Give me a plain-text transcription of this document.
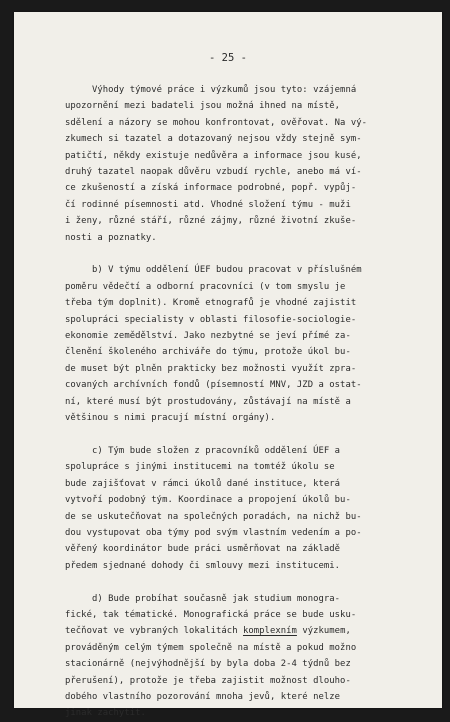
- 25 -
Výhody týmové práce i výzkumů jsou tyto: vzájemná
upozornění mezi badateli jsou možná ihned na místě,
sdělení a názory se mohou konfrontovat, ověřovat. Na vý-
zkumech si tazatel a dotazovaný nejsou vždy stejně sym-
patičtí, někdy existuje nedůvěra a informace jsou kusé,
druhý tazatel naopak důvěru vzbudí rychle, anebo má ví-
ce zkušeností a získá informace podrobné, popř. vypůj-
čí rodinné písemnosti atd. Vhodné složení týmu - muži
i ženy, různé stáří, různé zájmy, různé životní zkuše-
nosti a poznatky.
b) V týmu oddělení ÚEF budou pracovat v příslušném
poměru vědečtí a odborní pracovníci (v tom smyslu je
třeba tým doplnit). Kromě etnografů je vhodné zajistit
spolupráci specialisty v oblasti filosofie-sociologie-
ekonomie zemědělství. Jako nezbytné se jeví přímé za-
členění školeného archiváře do týmu, protože úkol bu-
de muset být plněn prakticky bez možnosti využít zpra-
covaných archívních fondů (písemností MNV, JZD a ostat-
ní, které musí být prostudovány, zůstávají na místě a
většinou s nimi pracují místní orgány).
c) Tým bude složen z pracovníků oddělení ÚEF a
spolupráce s jinými institucemi na tomtéž úkolu se
bude zajišťovat v rámci úkolů dané instituce, která
vytvoří podobný tým. Koordinace a propojení úkolů bu-
de se uskutečňovat na společných poradách, na nichž bu-
dou vystupovat oba týmy pod svým vlastním vedením a po-
věřený koordinátor bude práci usměrňovat na základě
předem sjednané dohody či smlouvy mezi institucemi.
d) Bude probíhat současně jak studium monogra-
fické, tak tématické. Monografická práce se bude usku-
tečňovat ve vybraných lokalitách komplexním výzkumem,
prováděným celým týmem společně na místě a pokud možno
stacionárně (nejvýhodnější by byla doba 2-4 týdnů bez
přerušení), protože je třeba zajistit možnost dlouho-
dobého vlastního pozorování mnoha jevů, které nelze
jinak zachytit.
